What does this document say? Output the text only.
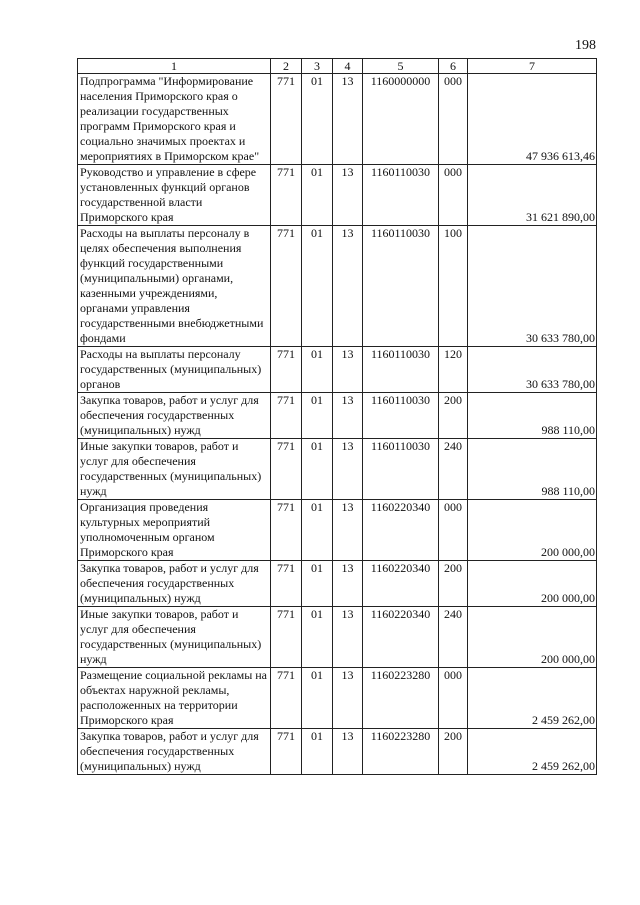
198
1	2	3	4	5	6	7
Подпрограмма "Информирование населения Приморского края о реализации государственных программ Приморского края и социально значимых проектах и мероприятиях в Приморском крае"	771	01	13	1160000000	000	47 936 613,46
Руководство и управление в сфере установленных функций органов государственной власти Приморского края	771	01	13	1160110030	000	31 621 890,00
Расходы на выплаты персоналу в целях обеспечения выполнения функций государственными (муниципальными) органами, казенными учреждениями, органами управления государственными внебюджетными фондами	771	01	13	1160110030	100	30 633 780,00
Расходы на выплаты персоналу государственных (муниципальных) органов	771	01	13	1160110030	120	30 633 780,00
Закупка товаров, работ и услуг для обеспечения государственных (муниципальных) нужд	771	01	13	1160110030	200	988 110,00
Иные закупки товаров, работ и услуг для обеспечения государственных (муниципальных) нужд	771	01	13	1160110030	240	988 110,00
Организация проведения культурных мероприятий уполномоченным органом Приморского края	771	01	13	1160220340	000	200 000,00
Закупка товаров, работ и услуг для обеспечения государственных (муниципальных) нужд	771	01	13	1160220340	200	200 000,00
Иные закупки товаров, работ и услуг для обеспечения государственных (муниципальных) нужд	771	01	13	1160220340	240	200 000,00
Размещение социальной рекламы на объектах наружной рекламы, расположенных на территории Приморского края	771	01	13	1160223280	000	2 459 262,00
Закупка товаров, работ и услуг для обеспечения государственных (муниципальных) нужд	771	01	13	1160223280	200	2 459 262,00
